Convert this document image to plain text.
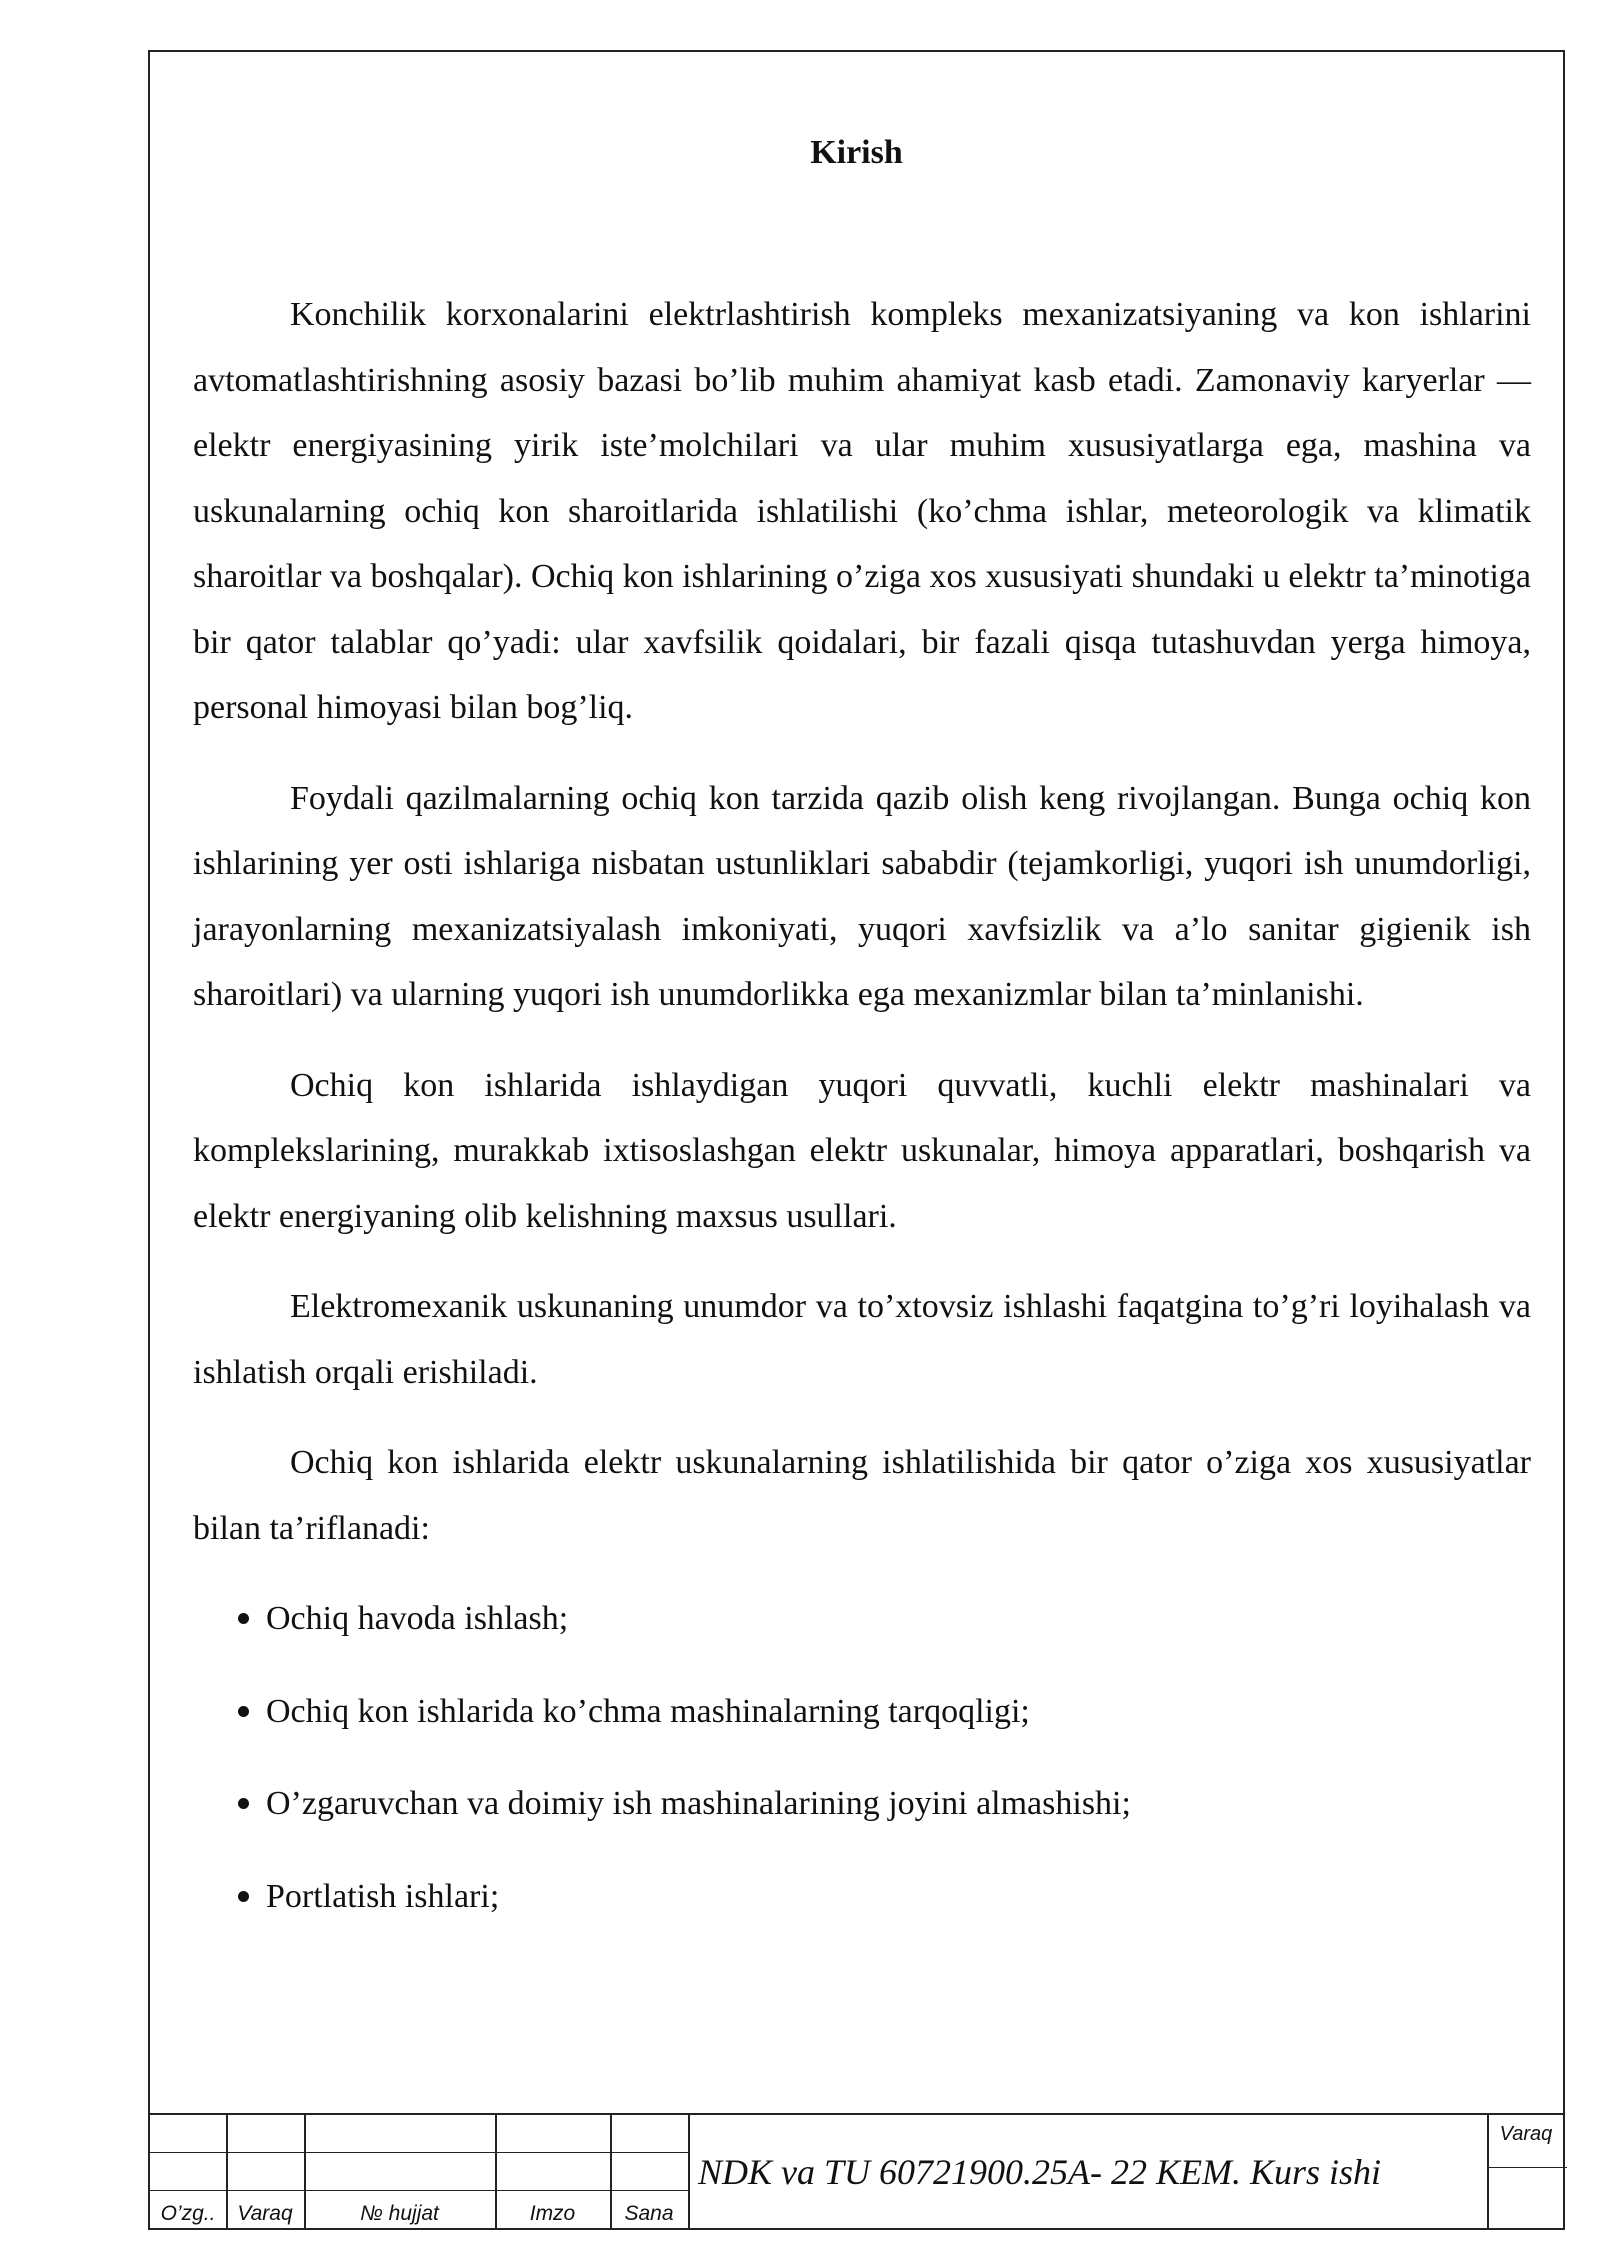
Kirish

Konchilik korxonalarini elektrlashtirish kompleks mexanizatsiyaning va kon ishlarini avtomatlashtirishning asosiy bazasi bo’lib muhim ahamiyat kasb etadi. Zamonaviy karyerlar — elektr energiyasining yirik iste’molchilari va ular muhim xususiyatlarga ega, mashina va uskunalarning ochiq kon sharoitlarida ishlatilishi (ko’chma ishlar, meteorologik va klimatik sharoitlar va boshqalar). Ochiq kon ishlarining o’ziga xos xususiyati shundaki u elektr ta’minotiga bir qator talablar qo’yadi: ular xavfsilik qoidalari, bir fazali qisqa tutashuvdan yerga himoya, personal himoyasi bilan bog’liq.

Foydali qazilmalarning ochiq kon tarzida qazib olish keng rivojlangan. Bunga ochiq kon ishlarining yer osti ishlariga nisbatan ustunliklari sababdir (tejamkorligi, yuqori ish unumdorligi, jarayonlarning mexanizatsiyalash imkoniyati, yuqori xavfsizlik va a’lo sanitar gigienik ish sharoitlari) va ularning yuqori ish unumdorlikka ega mexanizmlar bilan ta’minlanishi.

Ochiq kon ishlarida ishlaydigan yuqori quvvatli, kuchli elektr mashinalari va komplekslarining, murakkab ixtisoslashgan elektr uskunalar, himoya apparatlari, boshqarish va elektr energiyaning olib kelishning maxsus usullari.

Elektromexanik uskunaning unumdor va to’xtovsiz ishlashi faqatgina to’g’ri loyihalash va ishlatish orqali erishiladi.

Ochiq kon ishlarida elektr uskunalarning ishlatilishida bir qator o’ziga xos xususiyatlar bilan ta’riflanadi:

Ochiq havoda ishlash;
Ochiq kon ishlarida ko’chma mashinalarning tarqoqligi;
O’zgaruvchan va doimiy ish mashinalarining joyini almashishi;
Portlatish ishlari;
O’zg..	Varaq	№ hujjat	Imzo	Sana
NDK va TU 60721900.25A- 22 KEM. Kurs ishi
Varaq
